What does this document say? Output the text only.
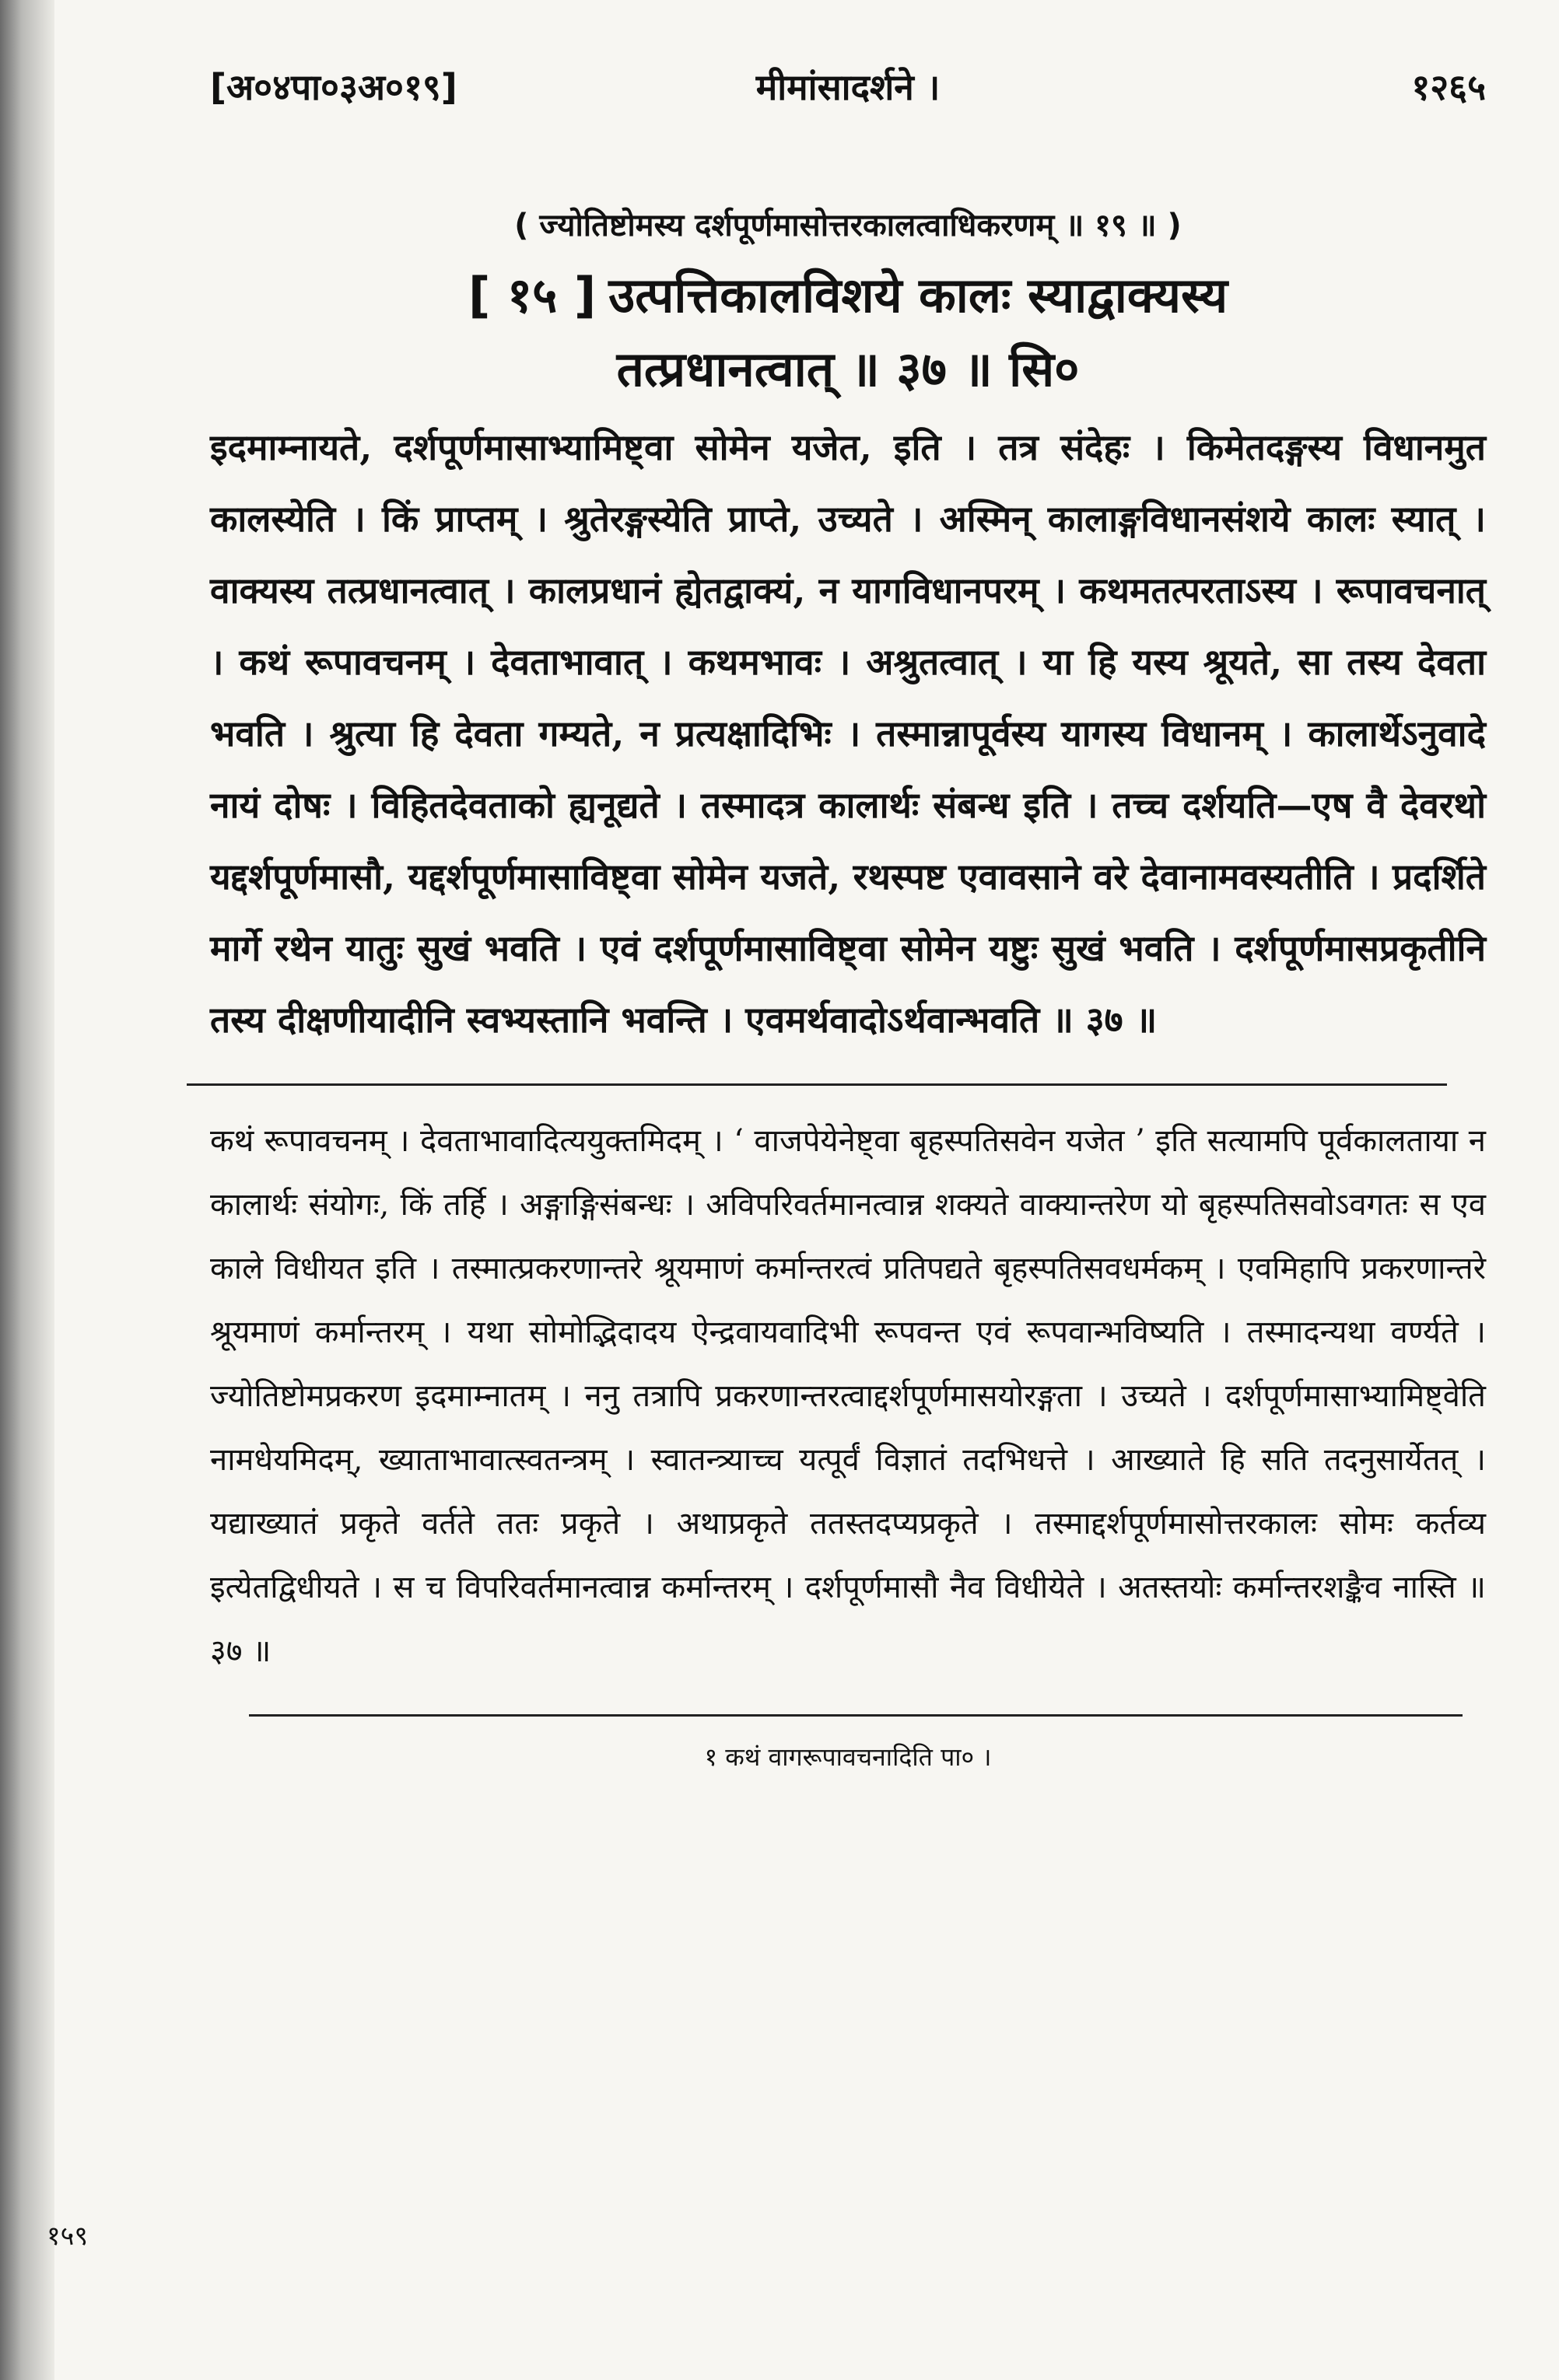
[अ०४पा०३अ०१९]	मीमांसादर्शने ।	१२६५
( ज्योतिष्टोमस्य दर्शपूर्णमासोत्तरकालत्वाधिकरणम् ॥ १९ ॥ )
[ १५ ] उत्पत्तिकालविशये कालः स्याद्वाक्यस्य
तत्प्रधानत्वात् ॥ ३७ ॥ सि०
इदमाम्नायते, दर्शपूर्णमासाभ्यामिष्ट्वा सोमेन यजेत, इति । तत्र संदेहः । किमेतदङ्गस्य विधानमुत कालस्येति । किं प्राप्तम् । श्रुतेरङ्गस्येति प्राप्ते, उच्यते । अस्मिन् कालाङ्गविधानसंशये कालः स्यात् । वाक्यस्य तत्प्रधानत्वात् । कालप्रधानं ह्येतद्वाक्यं, न यागविधानपरम् । कथमतत्परताऽस्य । रूपावचनात् । कथं रूपावचनम् । देवताभावात् । कथमभावः । अश्रुतत्वात् । या हि यस्य श्रूयते, सा तस्य देवता भवति । श्रुत्या हि देवता गम्यते, न प्रत्यक्षादिभिः । तस्मान्नापूर्वस्य यागस्य विधानम् । कालार्थेऽनुवादे नायं दोषः । विहितदेवताको ह्यनूद्यते । तस्मादत्र कालार्थः संबन्ध इति । तच्च दर्शयति—एष वै देवरथो यद्दर्शपूर्णमासौ, यद्दर्शपूर्णमासाविष्ट्वा सोमेन यजते, रथस्पष्ट एवावसाने वरे देवानामवस्यतीति । प्रदर्शिते मार्गे रथेन यातुः सुखं भवति । एवं दर्शपूर्णमासाविष्ट्वा सोमेन यष्टुः सुखं भवति । दर्शपूर्णमासप्रकृतीनि तस्य दीक्षणीयादीनि स्वभ्यस्तानि भवन्ति । एवमर्थवादोऽर्थवान्भवति ॥ ३७ ॥
कथं रूपावचनम् । देवताभावादित्ययुक्तमिदम् । ‘ वाजपेयेनेष्ट्वा बृहस्पतिसवेन यजेत ’ इति सत्यामपि पूर्वकालताया न कालार्थः संयोगः, किं तर्हि । अङ्गाङ्गिसंबन्धः । अविपरिवर्तमानत्वान्न शक्यते वाक्यान्तरेण यो बृहस्पतिसवोऽवगतः स एव काले विधीयत इति । तस्मात्प्रकरणान्तरे श्रूयमाणं कर्मान्तरत्वं प्रतिपद्यते बृहस्पतिसवधर्मकम् । एवमिहापि प्रकरणान्तरे श्रूयमाणं कर्मान्तरम् । यथा सोमोद्भिदादय ऐन्द्रवायवादिभी रूपवन्त एवं रूपवान्भविष्यति । तस्मादन्यथा वर्ण्यते । ज्योतिष्टोमप्रकरण इदमाम्नातम् । ननु तत्रापि प्रकरणान्तरत्वाद्दर्शपूर्णमासयोरङ्गता । उच्यते । दर्शपूर्णमासाभ्यामिष्ट्वेति नामधेयमिदम्, ख्याताभावात्स्वतन्त्रम् । स्वातन्त्र्याच्च यत्पूर्वं विज्ञातं तदभिधत्ते । आख्याते हि सति तदनुसार्येतत् । यद्याख्यातं प्रकृते वर्तते ततः प्रकृते । अथाप्रकृते ततस्तदप्यप्रकृते । तस्माद्दर्शपूर्णमासोत्तरकालः सोमः कर्तव्य इत्येतद्विधीयते । स च विपरिवर्तमानत्वान्न कर्मान्तरम् । दर्शपूर्णमासौ नैव विधीयेते । अतस्तयोः कर्मान्तरशङ्कैव नास्ति ॥ ३७ ॥
१ कथं वागरूपावचनादिति पा० ।
१५९
